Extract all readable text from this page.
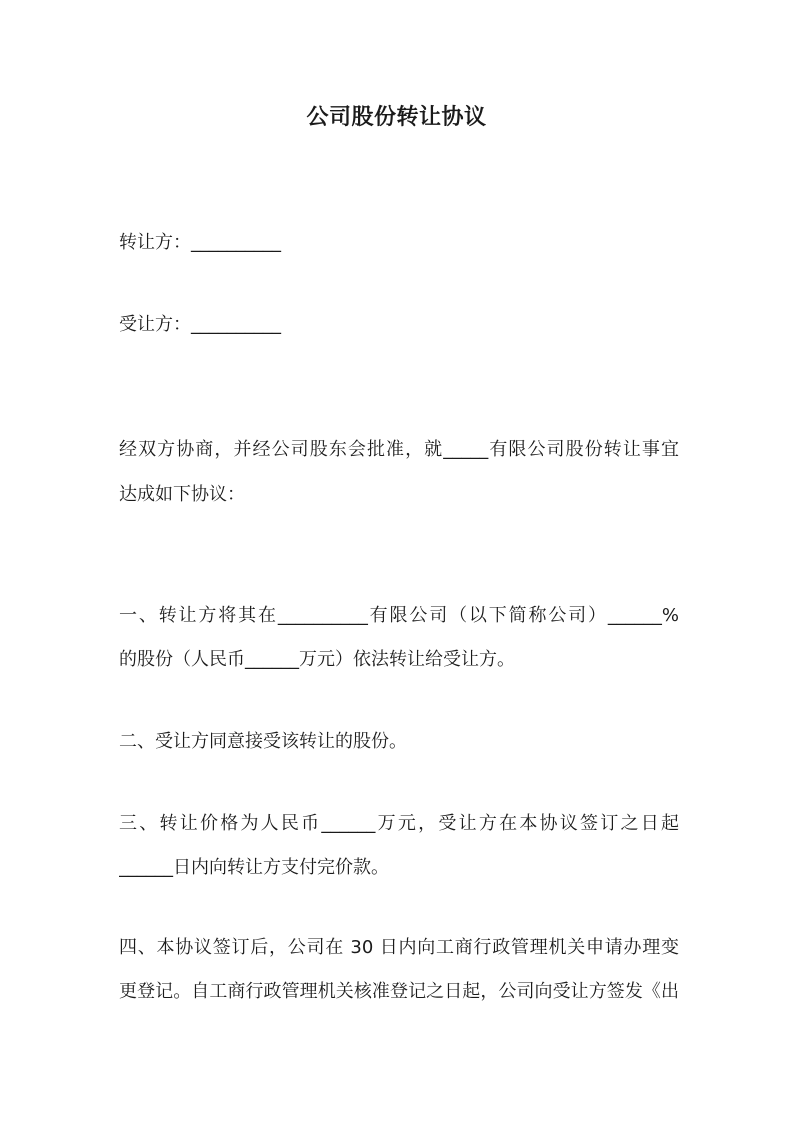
公司股份转让协议
转让方：__________
受让方：__________
经双方协商，并经公司股东会批准，就_____有限公司股份转让事宜
达成如下协议：
一、转让方将其在__________有限公司（以下简称公司）______%
的股份（人民币______万元）依法转让给受让方。
二、受让方同意接受该转让的股份。
三、转让价格为人民币______万元，受让方在本协议签订之日起
______日内向转让方支付完价款。
四、本协议签订后，公司在 30 日内向工商行政管理机关申请办理变
更登记。自工商行政管理机关核准登记之日起，公司向受让方签发《出
